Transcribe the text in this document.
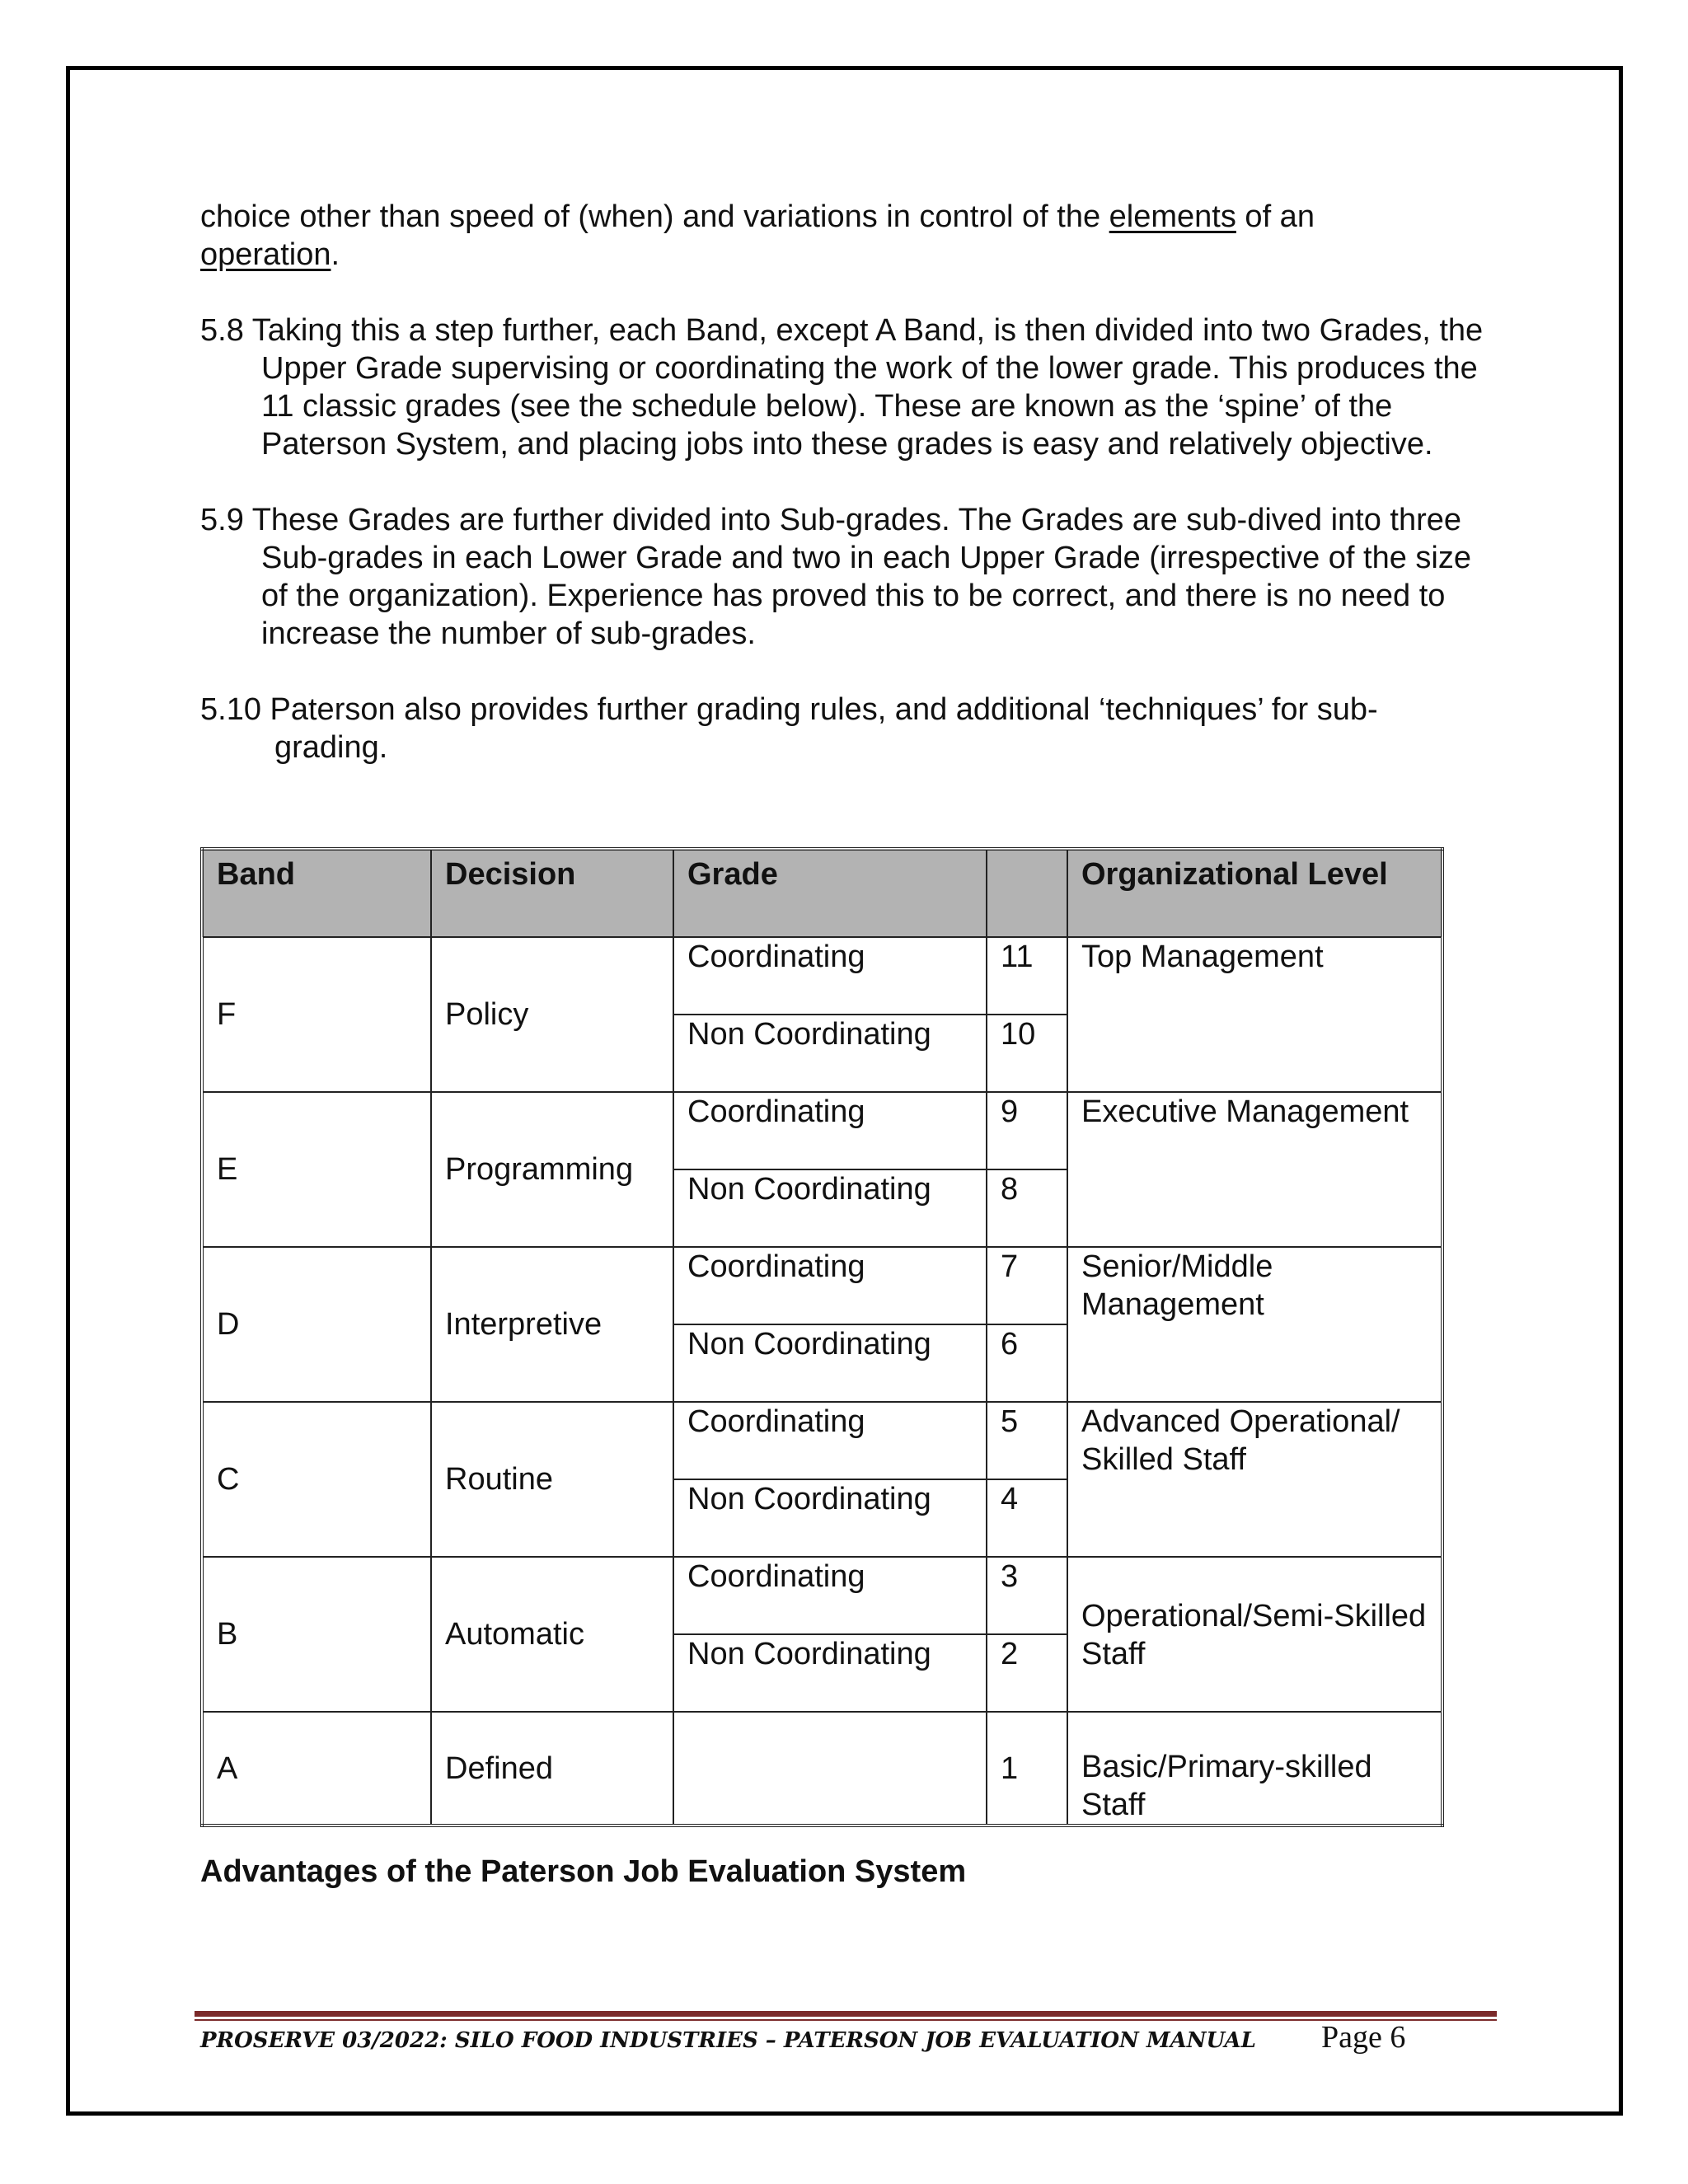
choice other than speed of (when) and variations in control of the elements of an
operation.

5.8 Taking this a step further, each Band, except A Band, is then divided into two Grades, the Upper Grade supervising or coordinating the work of the lower grade. This produces the 11 classic grades (see the schedule below). These are known as the ‘spine’ of the Paterson System, and placing jobs into these grades is easy and relatively objective.

5.9 These Grades are further divided into Sub-grades. The Grades are sub-dived into three Sub-grades in each Lower Grade and two in each Upper Grade (irrespective of the size of the organization). Experience has proved this to be correct, and there is no need to increase the number of sub-grades.

5.10 Paterson also provides further grading rules, and additional ‘techniques’ for sub-grading.

Band	Decision	Grade		Organizational Level
F	Policy	Coordinating	11	Top Management
		Non Coordinating	10	
E	Programming	Coordinating	9	Executive Management
		Non Coordinating	8	
D	Interpretive	Coordinating	7	Senior/Middle Management
		Non Coordinating	6	
C	Routine	Coordinating	5	Advanced Operational/ Skilled Staff
		Non Coordinating	4	
B	Automatic	Coordinating	3	Operational/Semi-Skilled Staff
		Non Coordinating	2	
A	Defined		1	Basic/Primary-skilled Staff
Advantages of the Paterson Job Evaluation System
PROSERVE 03/2022: SILO FOOD INDUSTRIES – PATERSON JOB EVALUATION MANUAL Page 6
